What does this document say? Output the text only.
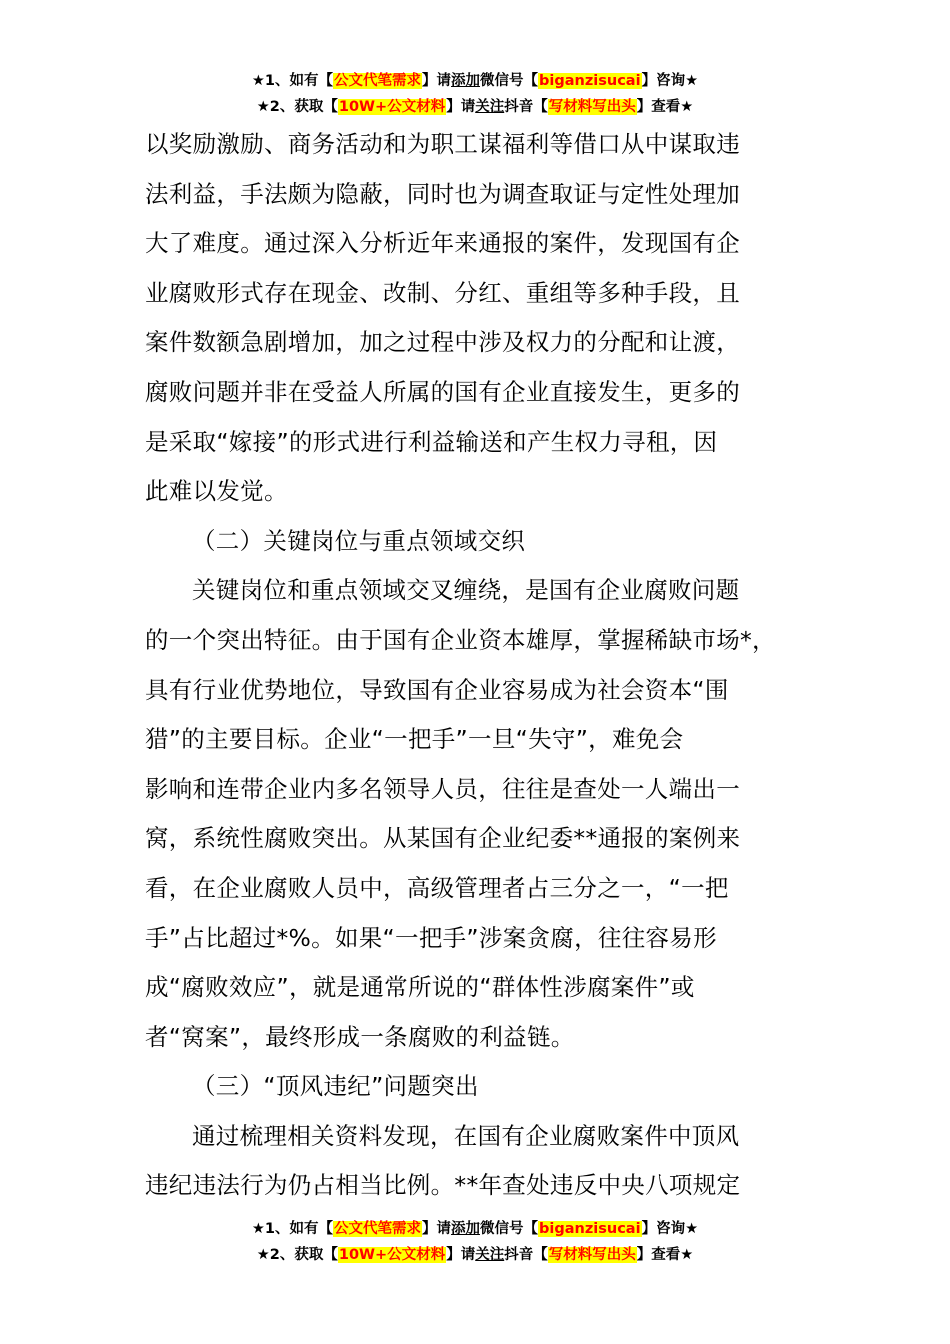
★1、如有【公文代笔需求】请添加微信号【biganzisucai】咨询★
★2、获取【10W+公文材料】请关注抖音【写材料写出头】查看★
以奖励激励、商务活动和为职工谋福利等借口从中谋取违
法利益，手法颇为隐蔽，同时也为调查取证与定性处理加
大了难度。通过深入分析近年来通报的案件，发现国有企
业腐败形式存在现金、改制、分红、重组等多种手段，且
案件数额急剧增加，加之过程中涉及权力的分配和让渡，
腐败问题并非在受益人所属的国有企业直接发生，更多的
是采取“嫁接”的形式进行利益输送和产生权力寻租，因
此难以发觉。
（二）关键岗位与重点领域交织
关键岗位和重点领域交叉缠绕，是国有企业腐败问题
的一个突出特征。由于国有企业资本雄厚，掌握稀缺市场*，
具有行业优势地位，导致国有企业容易成为社会资本“围
猎”的主要目标。企业“一把手”一旦“失守”，难免会
影响和连带企业内多名领导人员，往往是查处一人端出一
窝，系统性腐败突出。从某国有企业纪委**通报的案例来
看，在企业腐败人员中，高级管理者占三分之一，“一把
手”占比超过*%。如果“一把手”涉案贪腐，往往容易形
成“腐败效应”，就是通常所说的“群体性涉腐案件”或
者“窝案”，最终形成一条腐败的利益链。
（三）“顶风违纪”问题突出
通过梳理相关资料发现，在国有企业腐败案件中顶风
违纪违法行为仍占相当比例。**年查处违反中央八项规定
★1、如有【公文代笔需求】请添加微信号【biganzisucai】咨询★
★2、获取【10W+公文材料】请关注抖音【写材料写出头】查看★
